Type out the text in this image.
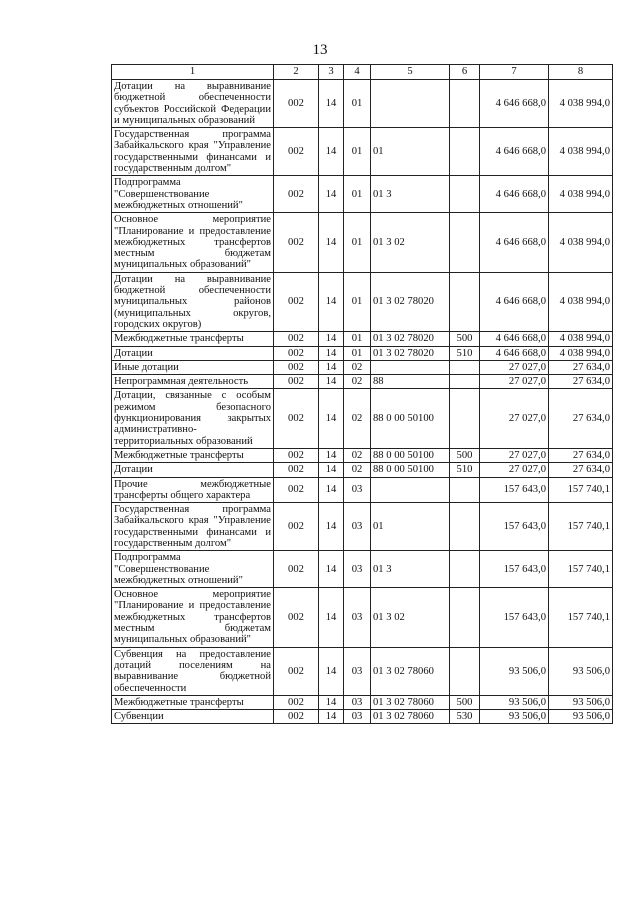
13
1	2	3	4	5	6	7	8
Дотации на выравнивание бюджетной обеспеченности субъектов Российской Федерации и муниципальных образований	002	14	01			4 646 668,0	4 038 994,0
Государственная программа Забайкальского края "Управление государственными финансами и государственным долгом"	002	14	01	01		4 646 668,0	4 038 994,0
Подпрограмма "Совершенствование межбюджетных отношений"	002	14	01	01 3		4 646 668,0	4 038 994,0
Основное мероприятие "Планирование и предоставление межбюджетных трансфертов местным бюджетам муниципальных образований"	002	14	01	01 3 02		4 646 668,0	4 038 994,0
Дотации на выравнивание бюджетной обеспеченности муниципальных районов (муниципальных округов, городских округов)	002	14	01	01 3 02 78020		4 646 668,0	4 038 994,0
Межбюджетные трансферты	002	14	01	01 3 02 78020	500	4 646 668,0	4 038 994,0
Дотации	002	14	01	01 3 02 78020	510	4 646 668,0	4 038 994,0
Иные дотации	002	14	02			27 027,0	27 634,0
Непрограммная деятельность	002	14	02	88		27 027,0	27 634,0
Дотации, связанные с особым режимом безопасного функционирования закрытых административно-территориальных образований	002	14	02	88 0 00 50100		27 027,0	27 634,0
Межбюджетные трансферты	002	14	02	88 0 00 50100	500	27 027,0	27 634,0
Дотации	002	14	02	88 0 00 50100	510	27 027,0	27 634,0
Прочие межбюджетные трансферты общего характера	002	14	03			157 643,0	157 740,1
Государственная программа Забайкальского края "Управление государственными финансами и государственным долгом"	002	14	03	01		157 643,0	157 740,1
Подпрограмма "Совершенствование межбюджетных отношений"	002	14	03	01 3		157 643,0	157 740,1
Основное мероприятие "Планирование и предоставление межбюджетных трансфертов местным бюджетам муниципальных образований"	002	14	03	01 3 02		157 643,0	157 740,1
Субвенция на предоставление дотаций поселениям на выравнивание бюджетной обеспеченности	002	14	03	01 3 02 78060		93 506,0	93 506,0
Межбюджетные трансферты	002	14	03	01 3 02 78060	500	93 506,0	93 506,0
Субвенции	002	14	03	01 3 02 78060	530	93 506,0	93 506,0
